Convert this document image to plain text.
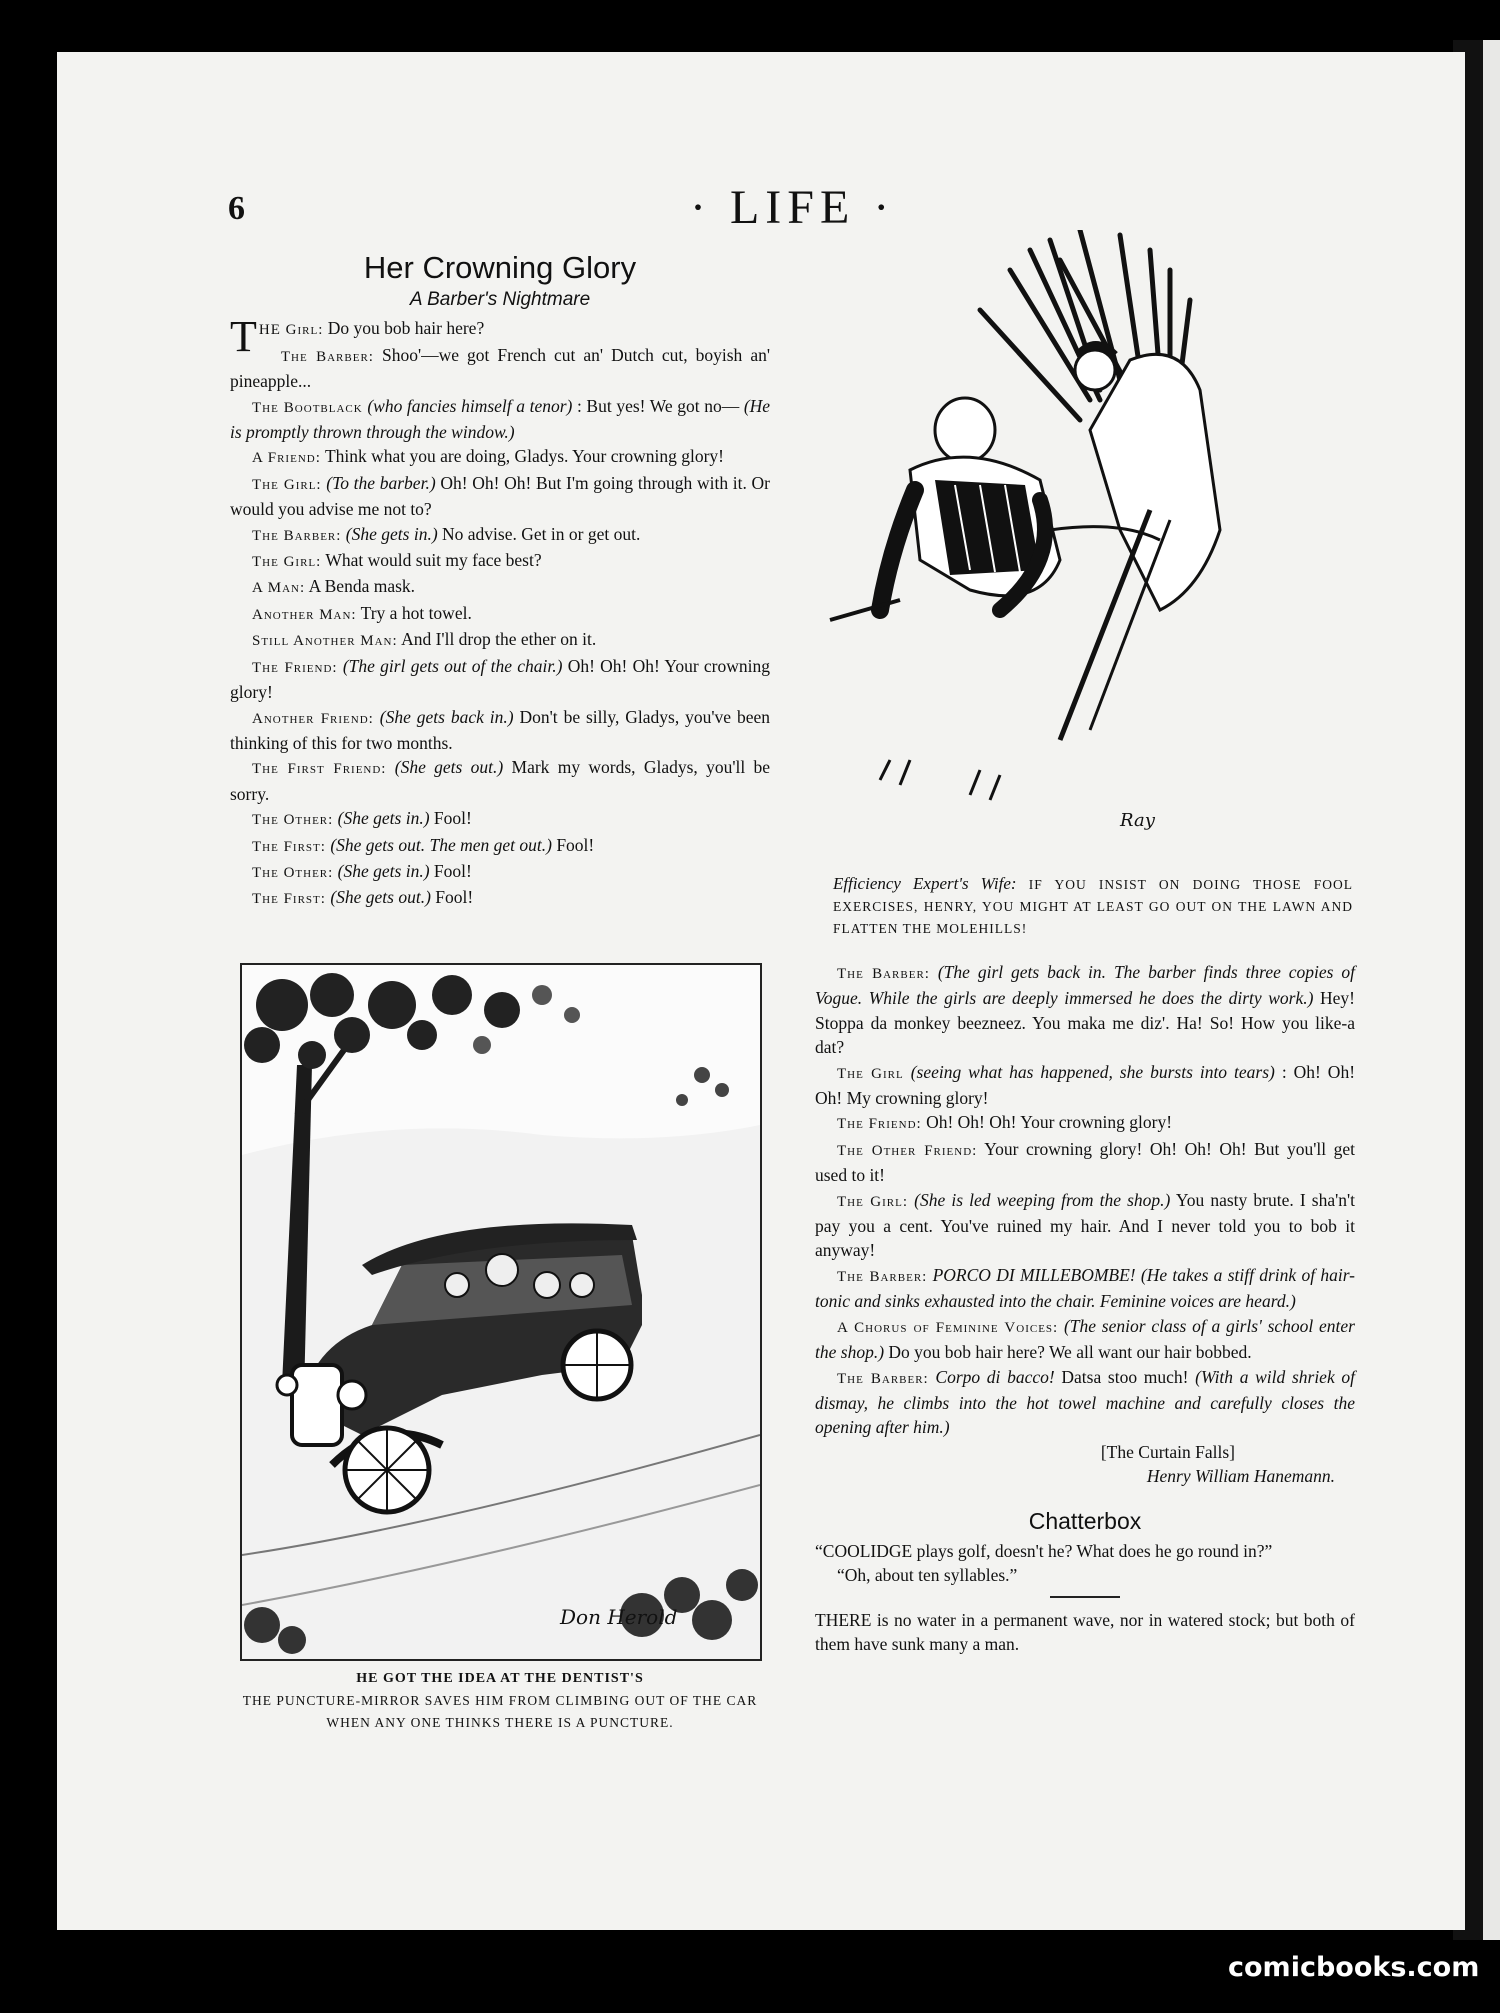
6	· LIFE ·
Her Crowning Glory
A Barber's Nightmare

T HE Girl: Do you bob hair here?

The Barber: Shoo'—we got French cut an' Dutch cut, boyish an' pineapple...

The Bootblack (who fancies himself a tenor) : But yes! We got no— (He is promptly thrown through the window.)

A Friend: Think what you are doing, Gladys. Your crowning glory!

The Girl: (To the barber.) Oh! Oh! Oh! But I'm going through with it. Or would you advise me not to?

The Barber: (She gets in.) No advise. Get in or get out.

The Girl: What would suit my face best?

A Man: A Benda mask.

Another Man: Try a hot towel.

Still Another Man: And I'll drop the ether on it.

The Friend: (The girl gets out of the chair.) Oh! Oh! Oh! Your crowning glory!

Another Friend: (She gets back in.) Don't be silly, Gladys, you've been thinking of this for two months.

The First Friend: (She gets out.) Mark my words, Gladys, you'll be sorry.

The Other: (She gets in.) Fool!

The First: (She gets out. The men get out.) Fool!

The Other: (She gets in.) Fool!

The First: (She gets out.) Fool!

Don Herold
HE GOT THE IDEA AT THE DENTIST'S
THE PUNCTURE-MIRROR SAVES HIM FROM CLIMBING OUT OF THE CAR WHEN ANY ONE THINKS THERE IS A PUNCTURE.
Ray
Efficiency Expert's Wife: IF YOU INSIST ON DOING THOSE FOOL EXERCISES, HENRY, YOU MIGHT AT LEAST GO OUT ON THE LAWN AND FLATTEN THE MOLEHILLS!

The Barber: (The girl gets back in. The barber finds three copies of Vogue. While the girls are deeply immersed he does the dirty work.) Hey! Stoppa da monkey beezneez. You maka me diz'. Ha! So! How you like-a dat?

The Girl (seeing what has happened, she bursts into tears) : Oh! Oh! Oh! My crowning glory!

The Friend: Oh! Oh! Oh! Your crowning glory!

The Other Friend: Your crowning glory! Oh! Oh! Oh! But you'll get used to it!

The Girl: (She is led weeping from the shop.) You nasty brute. I sha'n't pay you a cent. You've ruined my hair. And I never told you to bob it anyway!

The Barber: PORCO DI MILLEBOMBE! (He takes a stiff drink of hair-tonic and sinks exhausted into the chair. Feminine voices are heard.)

A Chorus of Feminine Voices: (The senior class of a girls' school enter the shop.) Do you bob hair here? We all want our hair bobbed.

The Barber: Corpo di bacco! Datsa stoo much! (With a wild shriek of dismay, he climbs into the hot towel machine and carefully closes the opening after him.)

[The Curtain Falls]

Henry William Hanemann.

Chatterbox

“COOLIDGE plays golf, doesn't he? What does he go round in?”

“Oh, about ten syllables.”

THERE is no water in a permanent wave, nor in watered stock; but both of them have sunk many a man.

comicbooks.com
